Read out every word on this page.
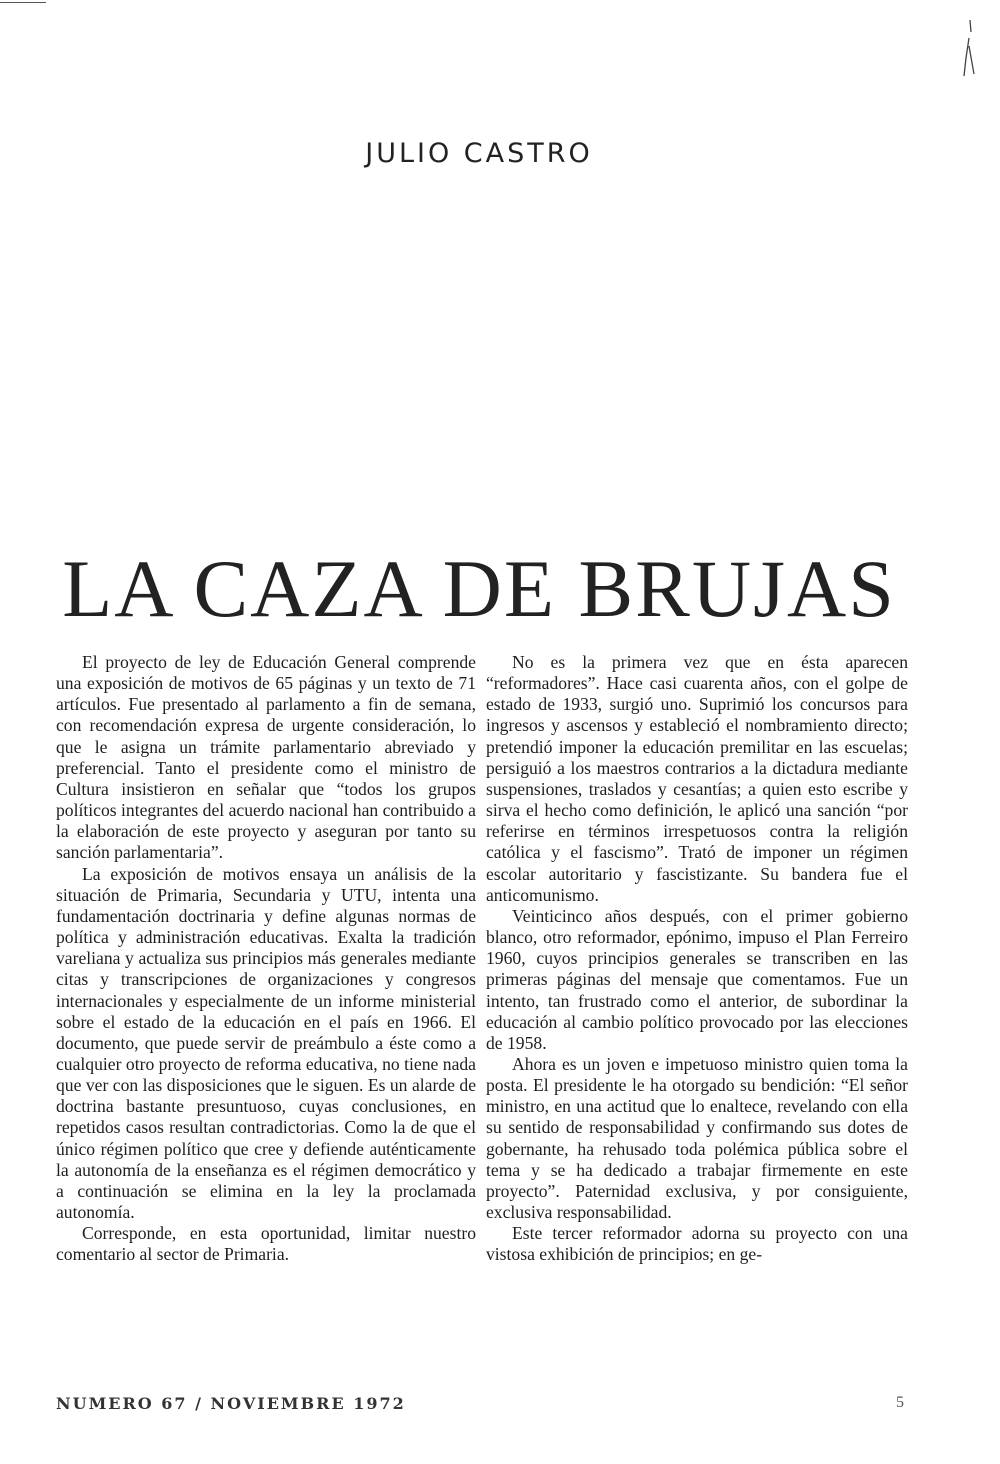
JULIO CASTRO
LA CAZA DE BRUJAS

El proyecto de ley de Educación General comprende una exposición de motivos de 65 páginas y un texto de 71 artículos. Fue presentado al parlamento a fin de semana, con recomendación expresa de urgente consideración, lo que le asigna un trámite parlamentario abreviado y preferencial. Tanto el presidente como el ministro de Cultura insistieron en señalar que “todos los grupos políticos integrantes del acuerdo nacional han contribuido a la elaboración de este proyecto y aseguran por tanto su sanción parlamentaria”.

La exposición de motivos ensaya un análisis de la situación de Primaria, Secundaria y UTU, intenta una fundamentación doctrinaria y define algunas normas de política y administración educativas. Exalta la tradición vareliana y actualiza sus principios más generales mediante citas y transcripciones de organizaciones y congresos internacionales y especialmente de un informe ministerial sobre el estado de la educación en el país en 1966. El documento, que puede servir de preámbulo a éste como a cualquier otro proyecto de reforma educativa, no tiene nada que ver con las disposiciones que le siguen. Es un alarde de doctrina bastante presuntuoso, cuyas conclusiones, en repetidos casos resultan contradictorias. Como la de que el único régimen político que cree y defiende auténticamente la autonomía de la enseñanza es el régimen democrático y a continuación se elimina en la ley la proclamada autonomía.

Corresponde, en esta oportunidad, limitar nuestro comentario al sector de Primaria.

No es la primera vez que en ésta aparecen “reformadores”. Hace casi cuarenta años, con el golpe de estado de 1933, surgió uno. Suprimió los concursos para ingresos y ascensos y estableció el nombramiento directo; pretendió imponer la educación premilitar en las escuelas; persiguió a los maestros contrarios a la dictadura mediante suspensiones, traslados y cesantías; a quien esto escribe y sirva el hecho como definición, le aplicó una sanción “por referirse en términos irrespetuosos contra la religión católica y el fascismo”. Trató de imponer un régimen escolar autoritario y fascistizante. Su bandera fue el anticomunismo.

Veinticinco años después, con el primer gobierno blanco, otro reformador, epónimo, impuso el Plan Ferreiro 1960, cuyos principios generales se transcriben en las primeras páginas del mensaje que comentamos. Fue un intento, tan frustrado como el anterior, de subordinar la educación al cambio político provocado por las elecciones de 1958.

Ahora es un joven e impetuoso ministro quien toma la posta. El presidente le ha otorgado su bendición: “El señor ministro, en una actitud que lo enaltece, revelando con ella su sentido de responsabilidad y confirmando sus dotes de gobernante, ha rehusado toda polémica pública sobre el tema y se ha dedicado a trabajar firmemente en este proyecto”. Paternidad exclusiva, y por consiguiente, exclusiva responsabilidad.

Este tercer reformador adorna su proyecto con una vistosa exhibición de principios; en ge-

NUMERO 67 / NOVIEMBRE 1972	5
